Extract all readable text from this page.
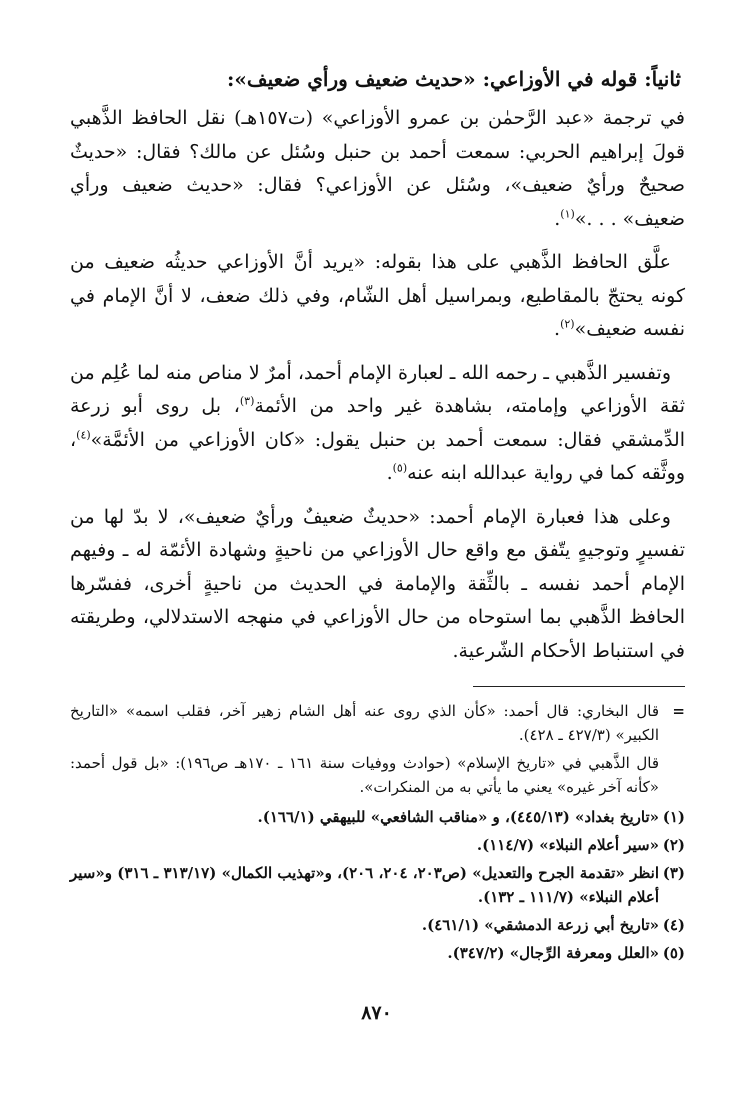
ثانياً: قوله في الأوزاعي: «حديث ضعيف ورأي ضعيف»:

في ترجمة «عبد الرَّحمٰن بن عمرو الأوزاعي» (ت١٥٧هـ) نقل الحافظ الذَّهبي قولَ إبراهيم الحربي: سمعت أحمد بن حنبل وسُئل عن مالك؟ فقال: «حديثٌ صحيحٌ ورأيٌ ضعيف»، وسُئل عن الأوزاعي؟ فقال: «حديث ضعيف ورأي ضعيف» . . .»$^{(١)}$.

علَّق الحافظ الذَّهبي على هذا بقوله: «يريد أنَّ الأوزاعي حديثُه ضعيف من كونه يحتجّ بالمقاطيع، وبمراسيل أهل الشّام، وفي ذلك ضعف، لا أنَّ الإمام في نفسه ضعيف»$^{(٢)}$.

وتفسير الذَّهبي ـ رحمه الله ـ لعبارة الإمام أحمد، أمرٌ لا مناص منه لما عُلِم من ثقة الأوزاعي وإمامته، بشاهدة غير واحد من الأئمة$^{(٣)}$، بل روى أبو زرعة الدِّمشقي فقال: سمعت أحمد بن حنبل يقول: «كان الأوزاعي من الأئمَّة»$^{(٤)}$، ووثَّقه كما في رواية عبدالله ابنه عنه$^{(٥)}$.

وعلى هذا فعبارة الإمام أحمد: «حديثٌ ضعيفٌ ورأيٌ ضعيف»، لا بدّ لها من تفسيرٍ وتوجيهٍ يتّفق مع واقع حال الأوزاعي من ناحيةٍ وشهادة الأئمّة له ـ وفيهم الإمام أحمد نفسه ـ بالثِّقة والإمامة في الحديث من ناحيةٍ أخرى، ففسّرها الحافظ الذَّهبي بما استوحاه من حال الأوزاعي في منهجه الاستدلالي، وطريقته في استنباط الأحكام الشّرعية.

=
قال البخاري: قال أحمد: «كأن الذي روى عنه أهل الشام زهير آخر، فقلب اسمه» «التاريخ الكبير» (٤٢٧/٣ ـ ٤٢٨).
قال الذَّهبي في «تاريخ الإسلام» (حوادث ووفيات سنة ١٦١ ـ ١٧٠هـ ص١٩٦): «بل قول أحمد: «كأنه آخر غيره» يعني ما يأتي به من المنكرات».
(١)
«تاريخ بغداد» (٤٤٥/١٣)، و «مناقب الشافعي» للبيهقي (١٦٦/١).
(٢)
«سير أعلام النبلاء» (١١٤/٧).
(٣)
انظر «تقدمة الجرح والتعديل» (ص٢٠٣، ٢٠٤، ٢٠٦)، و«تهذيب الكمال» (٣١٣/١٧ ـ ٣١٦) و«سير أعلام النبلاء» (١١١/٧ ـ ١٣٢).
(٤)
«تاريخ أبي زرعة الدمشقي» (٤٦١/١).
(٥)
«العلل ومعرفة الرِّجال» (٣٤٧/٢).
٨٧٠
